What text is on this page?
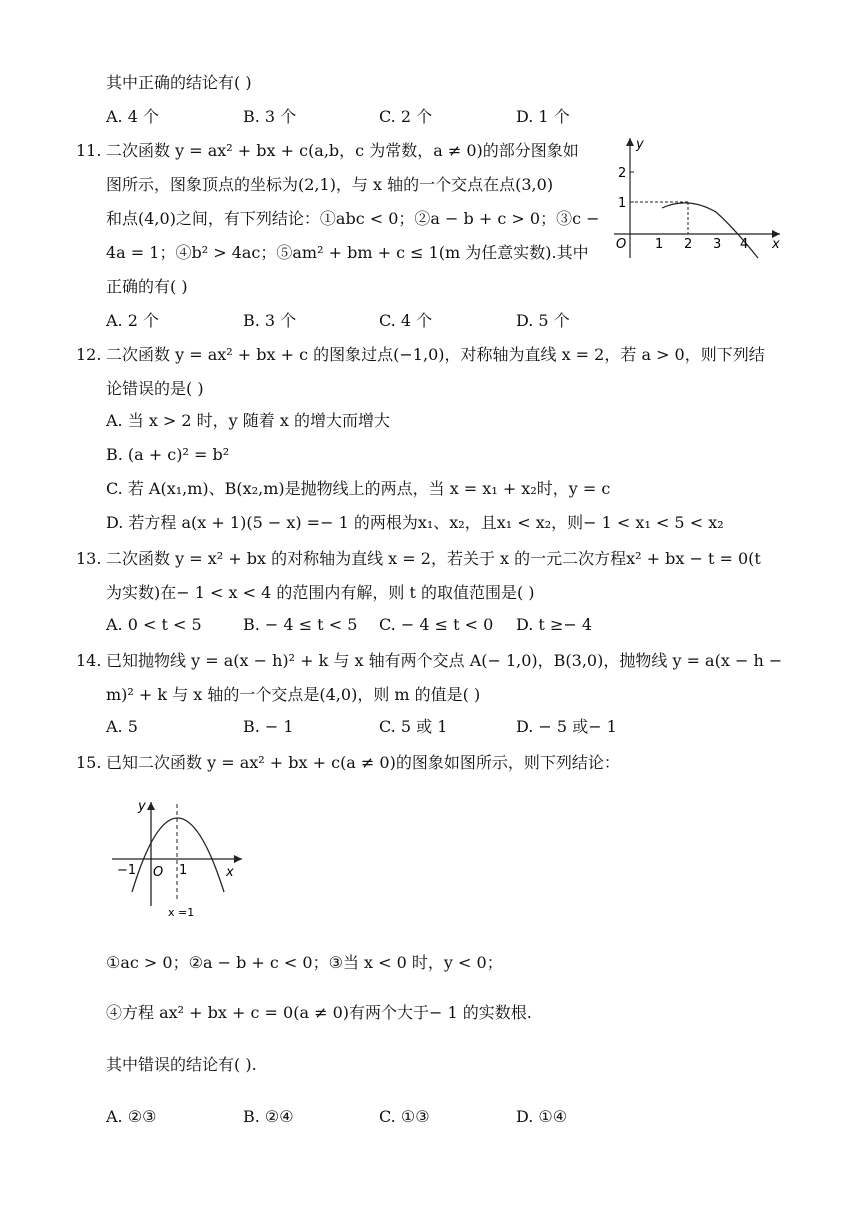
其中正确的结论有( )
A. 4 个	B. 3 个	C. 2 个	D. 1 个
11. 二次函数 y = ax² + bx + c(a,b，c 为常数，a ≠ 0)的部分图象如
图所示，图象顶点的坐标为(2,1)，与 x 轴的一个交点在点(3,0)
和点(4,0)之间，有下列结论：①abc < 0；②a − b + c > 0；③c −
4a = 1；④b² > 4ac；⑤am² + bm + c ≤ 1(m 为任意实数).其中
正确的有( )
y
x
O
2
1
1 2 3 4
A. 2 个	B. 3 个	C. 4 个	D. 5 个
12. 二次函数 y = ax² + bx + c 的图象过点(−1,0)，对称轴为直线 x = 2，若 a > 0，则下列结
论错误的是( )
A. 当 x > 2 时，y 随着 x 的增大而增大
B. (a + c)² = b²
C. 若 A(x₁,m)、B(x₂,m)是抛物线上的两点，当 x = x₁ + x₂时，y = c
D. 若方程 a(x + 1)(5 − x) =− 1 的两根为x₁、x₂，且x₁ < x₂，则− 1 < x₁ < 5 < x₂
13. 二次函数 y = x² + bx 的对称轴为直线 x = 2，若关于 x 的一元二次方程x² + bx − t = 0(t
为实数)在− 1 < x < 4 的范围内有解，则 t 的取值范围是( )
A. 0 < t < 5	B. − 4 ≤ t < 5 C. − 4 ≤ t < 0 D. t ≥− 4
14. 已知抛物线 y = a(x − h)² + k 与 x 轴有两个交点 A(− 1,0)，B(3,0)，抛物线 y = a(x − h −
m)² + k 与 x 轴的一个交点是(4,0)，则 m 的值是( )
A. 5	B. − 1	C. 5 或 1	D. − 5 或− 1
15. 已知二次函数 y = ax² + bx + c(a ≠ 0)的图象如图所示，则下列结论：
y
x
O
−1	1
x =1
①ac > 0；②a − b + c < 0；③当 x < 0 时，y < 0；
④方程 ax² + bx + c = 0(a ≠ 0)有两个大于− 1 的实数根.
其中错误的结论有( ).
A. ②③	B. ②④	C. ①③	D. ①④
